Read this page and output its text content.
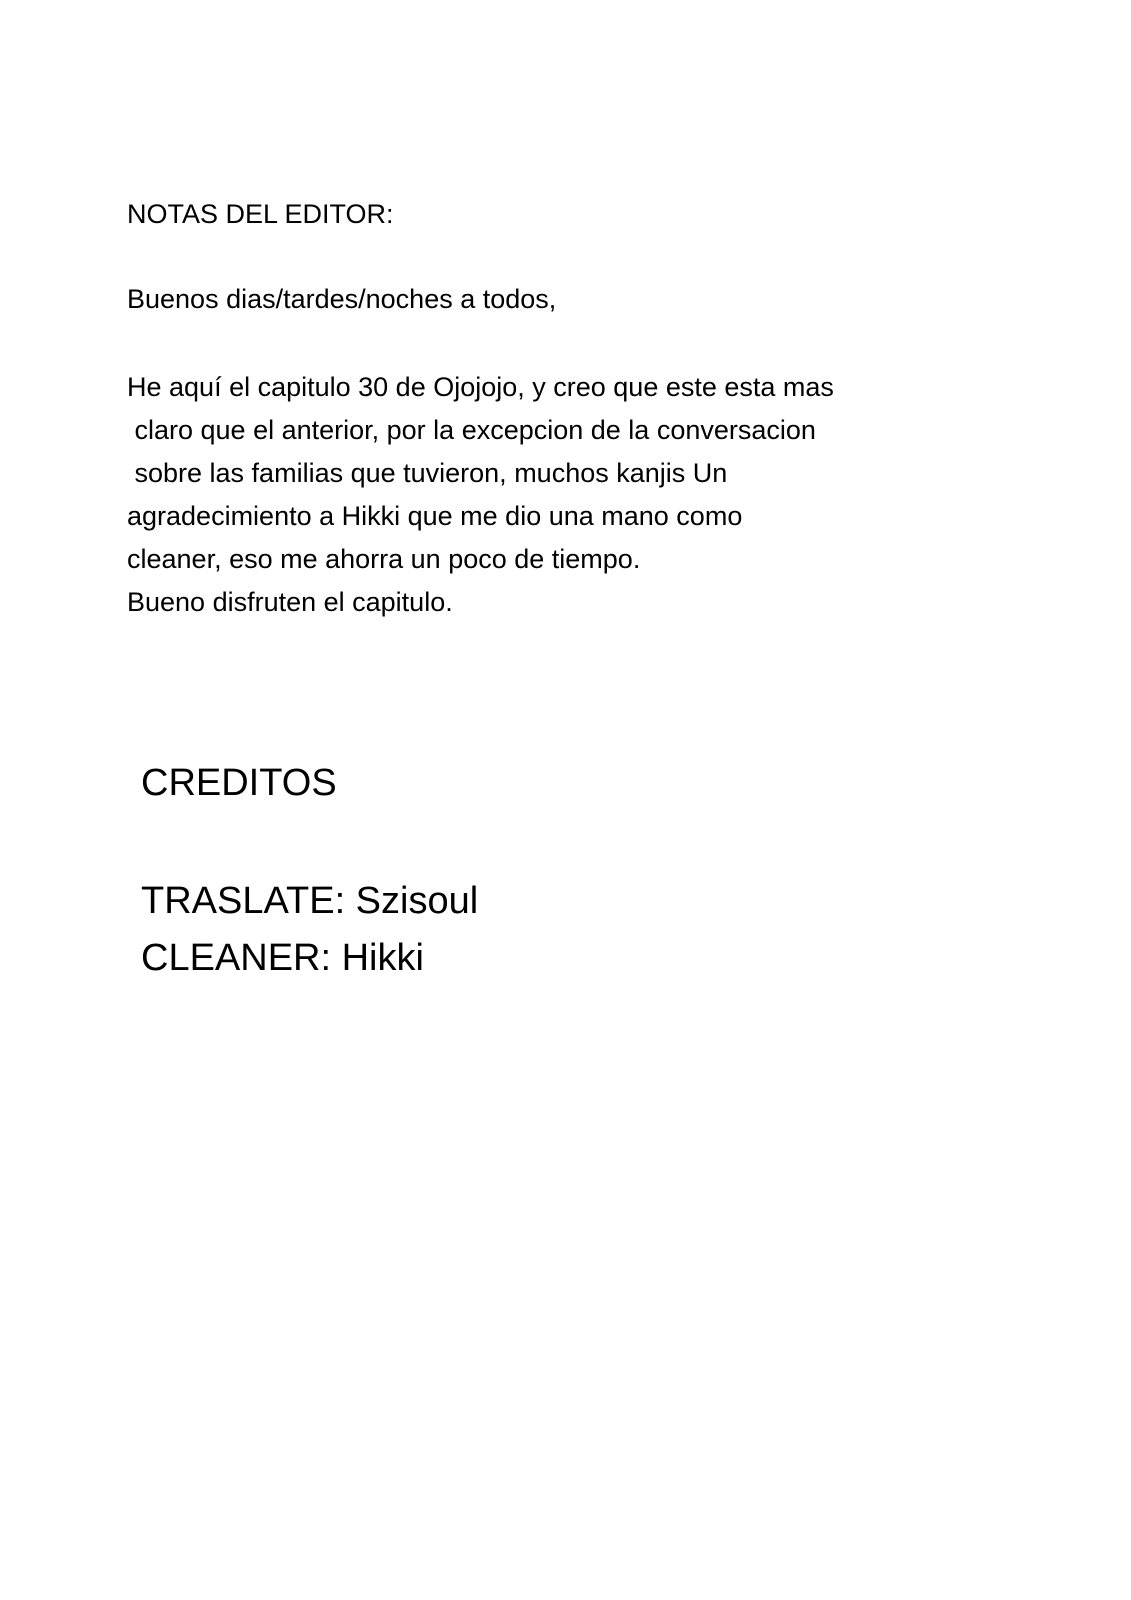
NOTAS DEL EDITOR:

Buenos dias/tardes/noches a todos,
He aquí el capitulo 30 de Ojojojo, y creo que este esta mas
claro que el anterior, por la excepcion de la conversacion
sobre las familias que tuvieron, muchos kanjis Un
agradecimiento a Hikki que me dio una mano como
cleaner, eso me ahorra un poco de tiempo.
Bueno disfruten el capitulo.
CREDITOS
TRASLATE: Szisoul
CLEANER: Hikki
